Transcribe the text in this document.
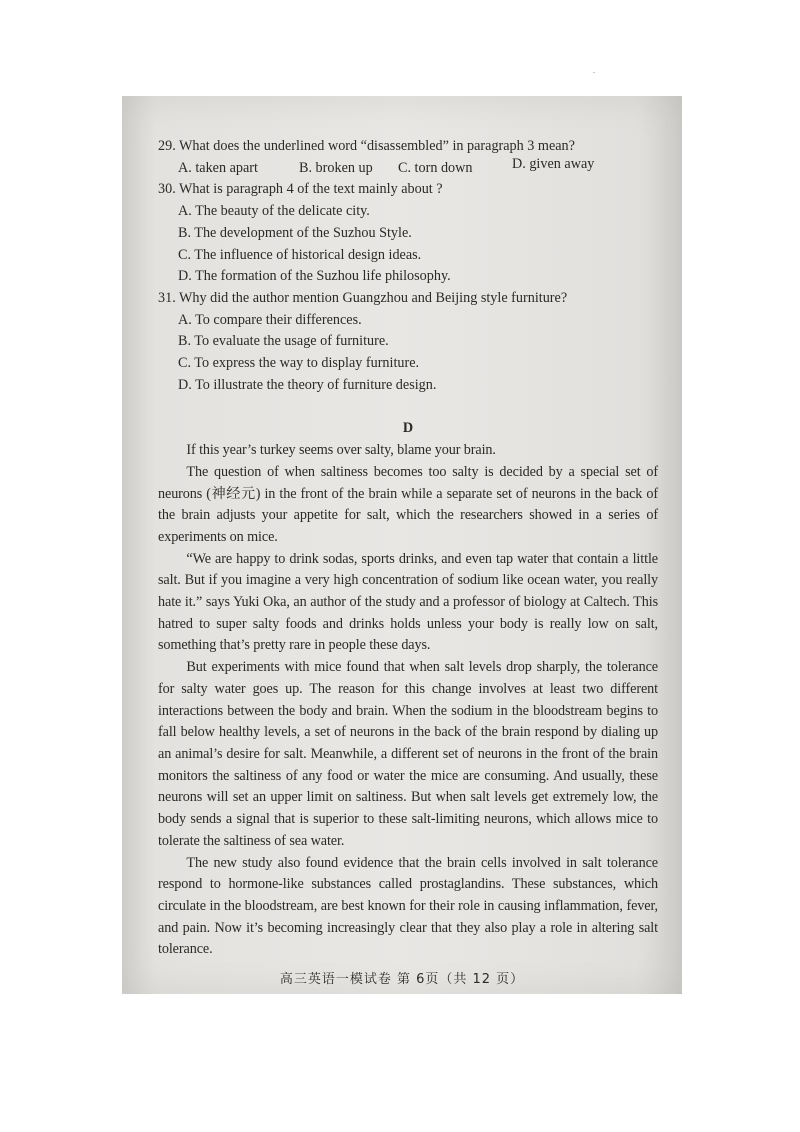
.

29. What does the underlined word “disassembled” in paragraph 3 mean?

A. taken apart	B. broken up	C. torn down	D. given away

30. What is paragraph 4 of the text mainly about ?

A. The beauty of the delicate city.

B. The development of the Suzhou Style.

C. The influence of historical design ideas.

D. The formation of the Suzhou life philosophy.

31. Why did the author mention Guangzhou and Beijing style furniture?

A. To compare their differences.

B. To evaluate the usage of furniture.

C. To express the way to display furniture.

D. To illustrate the theory of furniture design.

D

If this year’s turkey seems over salty, blame your brain.

The question of when saltiness becomes too salty is decided by a special set of neurons (神经元) in the front of the brain while a separate set of neurons in the back of the brain adjusts your appetite for salt, which the researchers showed in a series of experiments on mice.

“We are happy to drink sodas, sports drinks, and even tap water that contain a little salt. But if you imagine a very high concentration of sodium like ocean water, you really hate it.” says Yuki Oka, an author of the study and a professor of biology at Caltech. This hatred to super salty foods and drinks holds unless your body is really low on salt, something that’s pretty rare in people these days.

But experiments with mice found that when salt levels drop sharply, the tolerance for salty water goes up. The reason for this change involves at least two different interactions between the body and brain. When the sodium in the bloodstream begins to fall below healthy levels, a set of neurons in the back of the brain respond by dialing up an animal’s desire for salt. Meanwhile, a different set of neurons in the front of the brain monitors the saltiness of any food or water the mice are consuming. And usually, these neurons will set an upper limit on saltiness. But when salt levels get extremely low, the body sends a signal that is superior to these salt-limiting neurons, which allows mice to tolerate the saltiness of sea water.

The new study also found evidence that the brain cells involved in salt tolerance respond to hormone-like substances called prostaglandins. These substances, which circulate in the bloodstream, are best known for their role in causing inflammation, fever, and pain. Now it’s becoming increasingly clear that they also play a role in altering salt tolerance.

高三英语一模试卷 第 6页（共 12 页）
